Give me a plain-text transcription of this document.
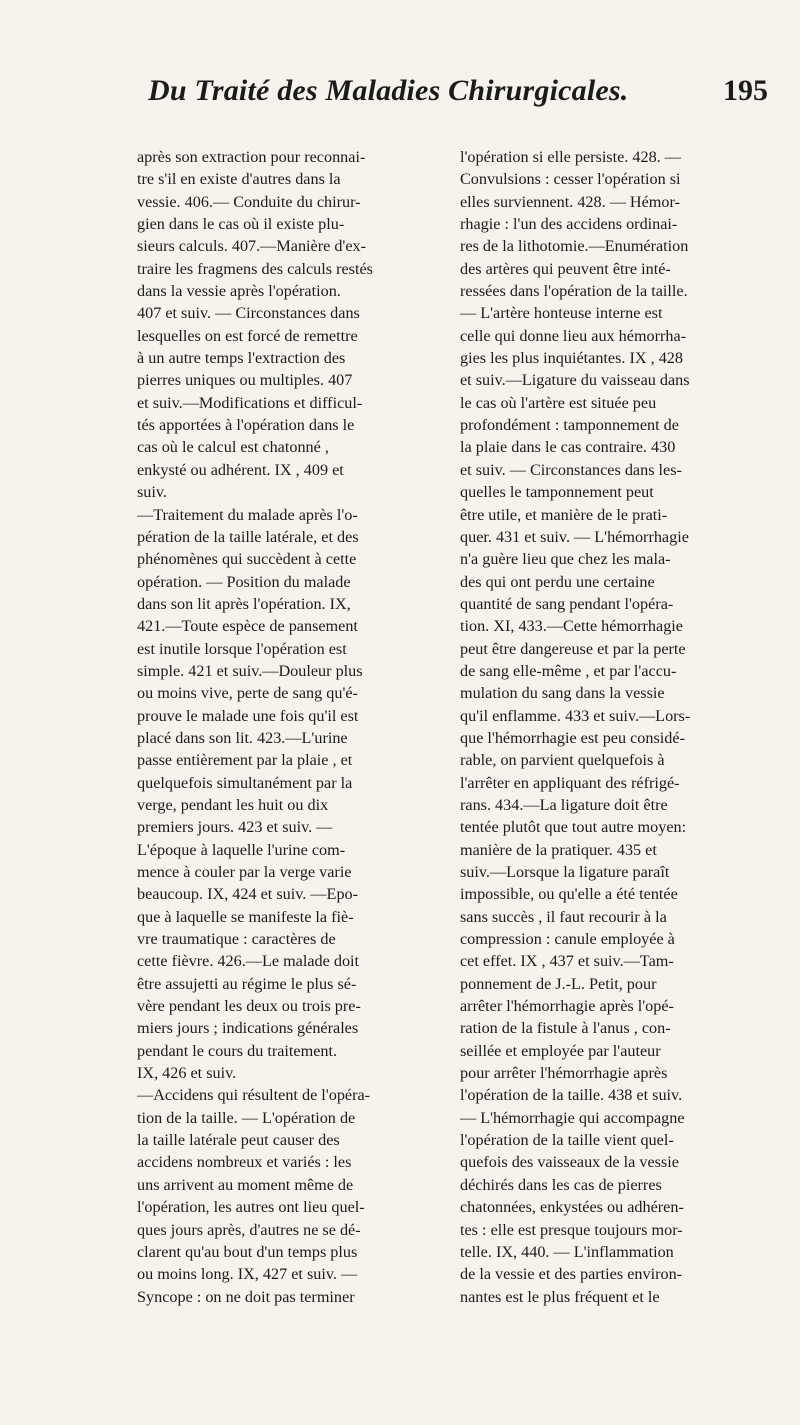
Du Traité des Maladies Chirurgicales.	195
après son extraction pour reconnai-
tre s'il en existe d'autres dans la
vessie. 406.— Conduite du chirur-
gien dans le cas où il existe plu-
sieurs calculs. 407.—Manière d'ex-
traire les fragmens des calculs restés
dans la vessie après l'opération.
407 et suiv. — Circonstances dans
lesquelles on est forcé de remettre
à un autre temps l'extraction des
pierres uniques ou multiples. 407
et suiv.—Modifications et difficul-
tés apportées à l'opération dans le
cas où le calcul est chatonné ,
enkysté ou adhérent. IX , 409 et
suiv.
—Traitement du malade après l'o-
pération de la taille latérale, et des
phénomènes qui succèdent à cette
opération. — Position du malade
dans son lit après l'opération. IX,
421.—Toute espèce de pansement
est inutile lorsque l'opération est
simple. 421 et suiv.—Douleur plus
ou moins vive, perte de sang qu'é-
prouve le malade une fois qu'il est
placé dans son lit. 423.—L'urine
passe entièrement par la plaie , et
quelquefois simultanément par la
verge, pendant les huit ou dix
premiers jours. 423 et suiv. —
L'époque à laquelle l'urine com-
mence à couler par la verge varie
beaucoup. IX, 424 et suiv. —Epo-
que à laquelle se manifeste la fiè-
vre traumatique : caractères de
cette fièvre. 426.—Le malade doit
être assujetti au régime le plus sé-
vère pendant les deux ou trois pre-
miers jours ; indications générales
pendant le cours du traitement.
IX, 426 et suiv.
—Accidens qui résultent de l'opéra-
tion de la taille. — L'opération de
la taille latérale peut causer des
accidens nombreux et variés : les
uns arrivent au moment même de
l'opération, les autres ont lieu quel-
ques jours après, d'autres ne se dé-
clarent qu'au bout d'un temps plus
ou moins long. IX, 427 et suiv. —
Syncope : on ne doit pas terminer
l'opération si elle persiste. 428. —
Convulsions : cesser l'opération si
elles surviennent. 428. — Hémor-
rhagie : l'un des accidens ordinai-
res de la lithotomie.—Enumération
des artères qui peuvent être inté-
ressées dans l'opération de la taille.
— L'artère honteuse interne est
celle qui donne lieu aux hémorrha-
gies les plus inquiétantes. IX , 428
et suiv.—Ligature du vaisseau dans
le cas où l'artère est située peu
profondément : tamponnement de
la plaie dans le cas contraire. 430
et suiv. — Circonstances dans les-
quelles le tamponnement peut
être utile, et manière de le prati-
quer. 431 et suiv. — L'hémorrhagie
n'a guère lieu que chez les mala-
des qui ont perdu une certaine
quantité de sang pendant l'opéra-
tion. XI, 433.—Cette hémorrhagie
peut être dangereuse et par la perte
de sang elle-même , et par l'accu-
mulation du sang dans la vessie
qu'il enflamme. 433 et suiv.—Lors-
que l'hémorrhagie est peu considé-
rable, on parvient quelquefois à
l'arrêter en appliquant des réfrigé-
rans. 434.—La ligature doit être
tentée plutôt que tout autre moyen:
manière de la pratiquer. 435 et
suiv.—Lorsque la ligature paraît
impossible, ou qu'elle a été tentée
sans succès , il faut recourir à la
compression : canule employée à
cet effet. IX , 437 et suiv.—Tam-
ponnement de J.-L. Petit, pour
arrêter l'hémorrhagie après l'opé-
ration de la fistule à l'anus , con-
seillée et employée par l'auteur
pour arrêter l'hémorrhagie après
l'opération de la taille. 438 et suiv.
— L'hémorrhagie qui accompagne
l'opération de la taille vient quel-
quefois des vaisseaux de la vessie
déchirés dans les cas de pierres
chatonnées, enkystées ou adhéren-
tes : elle est presque toujours mor-
telle. IX, 440. — L'inflammation
de la vessie et des parties environ-
nantes est le plus fréquent et le
